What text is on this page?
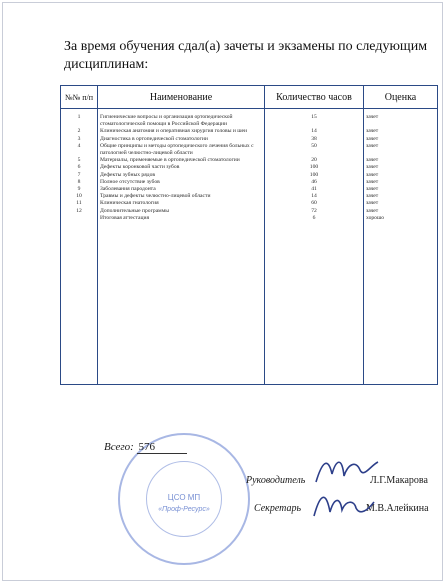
За время обучения сдал(а) зачеты и экзамены по следующим дисциплинам:
№№ п/п	Наименование	Количество часов	Оценка
1	Гигиенические вопросы и организация ортопедической стоматологической помощи в Российской Федерации	15	зачет
2	Клиническая анатомия и оперативная хирургия головы и шеи	14	зачет
3	Диагностика в ортопедической стоматологии	38	зачет
4	Общие принципы и методы ортопедического лечения больных с патологией челюстно-лицевой области	50	зачет
5	Материалы, применяемые в ортопедической стоматологии	20	зачет
6	Дефекты коронковой части зубов	100	зачет
7	Дефекты зубных рядов	100	зачет
8	Полное отсутствие зубов	46	зачет
9	Заболевания пародонта	41	зачет
10	Травмы и дефекты челюстно-лицевой области	14	зачет
11	Клиническая гнатология	60	зачет
12	Дополнительные программы	72	зачет
	Итоговая аттестация	6	хорошо

ЦСО МП
«Проф-Ресурс»
Всего: 576
Руководитель	Л.Г.Макарова
Секретарь	М.В.Алейкина
